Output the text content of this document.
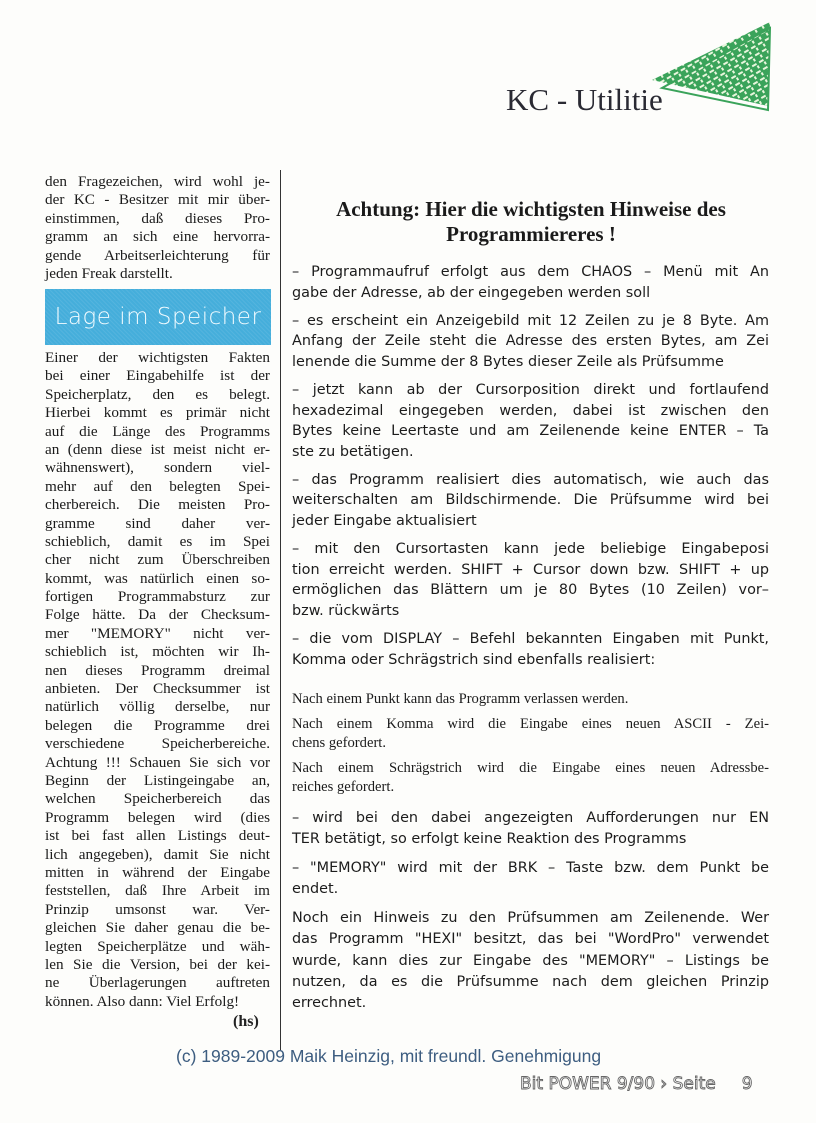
KC - Utilitie
den Fragezeichen, wird wohl je-
der KC - Besitzer mit mir über-
einstimmen, daß dieses Pro-
gramm an sich eine hervorra-
gende Arbeitserleichterung für
jeden Freak darstellt.
Lage im Speicher
Einer der wichtigsten Fakten
bei einer Eingabehilfe ist der
Speicherplatz, den es belegt.
Hierbei kommt es primär nicht
auf die Länge des Programms
an (denn diese ist meist nicht er-
wähnenswert), sondern viel-
mehr auf den belegten Spei-
cherbereich. Die meisten Pro-
gramme sind daher ver-
schieblich, damit es im Spei
cher nicht zum Überschreiben
kommt, was natürlich einen so-
fortigen Programmabsturz zur
Folge hätte. Da der Checksum-
mer "MEMORY" nicht ver-
schieblich ist, möchten wir Ih-
nen dieses Programm dreimal
anbieten. Der Checksummer ist
natürlich völlig derselbe, nur
belegen die Programme drei
verschiedene Speicherbereiche.
Achtung !!! Schauen Sie sich vor
Beginn der Listingeingabe an,
welchen Speicherbereich das
Programm belegen wird (dies
ist bei fast allen Listings deut-
lich angegeben), damit Sie nicht
mitten in während der Eingabe
feststellen, daß Ihre Arbeit im
Prinzip umsonst war. Ver-
gleichen Sie daher genau die be-
legten Speicherplätze und wäh-
len Sie die Version, bei der kei-
ne Überlagerungen auftreten
können. Also dann: Viel Erfolg!
(hs)
Achtung: Hier die wichtigsten Hinweise des
Programmiereres !
– Programmaufruf erfolgt aus dem CHAOS – Menü mit An
gabe der Adresse, ab der eingegeben werden soll
– es erscheint ein Anzeigebild mit 12 Zeilen zu je 8 Byte. Am
Anfang der Zeile steht die Adresse des ersten Bytes, am Zei
lenende die Summe der 8 Bytes dieser Zeile als Prüfsumme
– jetzt kann ab der Cursorposition direkt und fortlaufend
hexadezimal eingegeben werden, dabei ist zwischen den
Bytes keine Leertaste und am Zeilenende keine ENTER – Ta
ste zu betätigen.
– das Programm realisiert dies automatisch, wie auch das
weiterschalten am Bildschirmende. Die Prüfsumme wird bei
jeder Eingabe aktualisiert
– mit den Cursortasten kann jede beliebige Eingabeposi
tion erreicht werden. SHIFT + Cursor down bzw. SHIFT + up
ermöglichen das Blättern um je 80 Bytes (10 Zeilen) vor–
bzw. rückwärts
– die vom DISPLAY – Befehl bekannten Eingaben mit Punkt,
Komma oder Schrägstrich sind ebenfalls realisiert:
Nach einem Punkt kann das Programm verlassen werden.
Nach einem Komma wird die Eingabe eines neuen ASCII - Zei-
chens gefordert.
Nach einem Schrägstrich wird die Eingabe eines neuen Adressbe-
reiches gefordert.
– wird bei den dabei angezeigten Aufforderungen nur EN
TER betätigt, so erfolgt keine Reaktion des Programms
– "MEMORY" wird mit der BRK – Taste bzw. dem Punkt be
endet.
Noch ein Hinweis zu den Prüfsummen am Zeilenende. Wer
das Programm "HEXI" besitzt, das bei "WordPro" verwendet
wurde, kann dies zur Eingabe des "MEMORY" – Listings be
nutzen, da es die Prüfsumme nach dem gleichen Prinzip
errechnet.
(c) 1989-2009 Maik Heinzig, mit freundl. Genehmigung
Bit POWER 9/90 › Seite 9
